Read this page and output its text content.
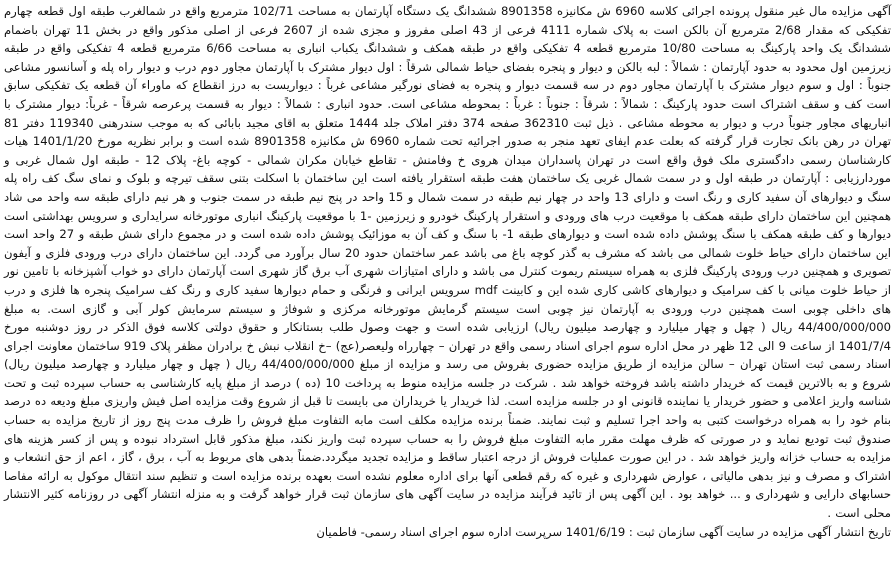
آگهی مزایده مال غیر منقول پرونده اجرائی کلاسه 6960 ش مکانیزه 8901358 ششدانگ یک دستگاه آپارتمان به مساحت 102/71 مترمربع واقع در شمالغرب طبقه اول قطعه چهارم تفکیکی که مقدار 2/68 مترمربع آن بالکن است به پلاک شماره 4111 فرعی از 43 اصلی مفروز و مجزی شده از 2607 فرعی از اصلی مذکور واقع در بخش 11 تهران باضمام ششدانگ یک واحد پارکینگ به مساحت 10/80 مترمربع قطعه 4 تفکیکی واقع در طبقه همکف و ششدانگ یکباب انباری به مساحت 6/66 مترمربع قطعه 4 تفکیکی واقع در طبقه زیرزمین اول محدود به حدود آپارتمان : شمالاً : لبه بالکن و دیوار و پنجره بفضای حیاط شمالی شرقاً : اول دیوار مشترک با آپارتمان مجاور دوم درب و دیوار راه پله و آسانسور مشاعی جنوباً : اول و سوم دیوار مشترک با آپارتمان مجاور دوم در سه قسمت دیوار و پنجره به فضای نورگیر مشاعی غرباً : دیواریست به درز انقطاع که ماوراء آن قطعه یک تفکیکی سابق است کف و سقف اشتراک است حدود پارکینگ : شمالاً : شرقاً : جنوباً : غرباً : بمحوطه مشاعی است. حدود انباری : شمالاً : دیوار به قسمت پرعرصه شرقاً - غرباً: دیوار مشترک با انباریهای مجاور جنوباً درب و دیوار به محوطه مشاعی . ذیل ثبت 362310 صفحه 374 دفتر املاک جلد 1444 متعلق به اقای مجید بابائی که به موجب سندرهنی 119340 دفتر 81 تهران در رهن بانک تجارت قرار گرفته که بعلت عدم ایفای تعهد منجر به صدور اجرائیه تحت شماره 6960 ش مکانیزه 8901358 شده است و برابر نظریه مورخ 1401/1/20 هیات کارشناسان رسمی دادگستری ملک فوق واقع است در تهران پاسداران میدان هروی خ وفامنش - تقاطع خیابان مکران شمالی - کوچه باغ- پلاک 12 - طبقه اول شمال غربی و موردارزیابی : آپارتمان در طبقه اول و در سمت شمال غربی یک ساختمان هفت طبقه استقرار یافته است این ساختمان با اسکلت بتنی سقف تیرچه و بلوک و نمای سگ کف راه پله سنگ و دیوارهای آن سفید کاری و رنگ است و دارای 13 واحد در چهار نیم طبقه در سمت شمال و 15 واحد در پنج نیم طبقه در سمت جنوب و هر نیم دارای طبقه سه واحد می شاد همچنین این ساختمان دارای طبقه همکف با موقعیت درب های ورودی و استقرار پارکینگ خودرو و زیرزمین -1 با موقعیت پارکینگ انباری موتورخانه سرایداری و سرویس بهداشتی است دیوارها و کف طبقه همکف با سنگ پوشش داده شده است و دیوارهای طبقه 1- با سنگ و کف آن به موزائیک پوشش داده شده است و در مجموع دارای شش طبقه و 27 واحد است این ساختمان دارای حیاط خلوت شمالی می باشد که مشرف به گذر کوچه باغ می باشد عمر ساختمان حدود 20 سال برآورد می گردد. این ساختمان دارای درب ورودی فلزی و آیفون تصویری و همچنین درب ورودی پارکینگ فلزی به همراه سیستم ریموت کنترل می باشد و دارای امتیازات شهری آب برق گاز شهری است آپارتمان دارای دو خواب آشپزخانه با تامین نور از حیاط خلوت میانی با کف سرامیک و دیوارهای کاشی کاری شده این و کابینت mdf سرویس ایرانی و فرنگی و حمام دیوارها سفید کاری و رنگ کف سرامیک پنجره ها فلزی و درب های داخلی چوبی است همچنین درب ورودی به آپارتمان نیز چوبی است سیستم گرمایش موتورخانه مرکزی و شوفاژ و سیستم سرمایش کولر آبی و گازی است. به مبلغ 44/400/000/000 ریال ( چهل و چهار میلیارد و چهارصد میلیون ریال) ارزیابی شده است و جهت وصول طلب بستانکار و حقوق دولتی کلاسه فوق الذکر در روز دوشنبه مورخ 1401/7/4 از ساعت 9 الی 12 ظهر در محل اداره سوم اجرای اسناد رسمی واقع در تهران – چهارراه ولیعصر(عج) –خ انقلاب نبش خ برادران مظفر پلاک 919 ساختمان معاونت اجرای اسناد رسمی ثبت استان تهران – سالن مزایده از طریق مزایده حضوری بفروش می رسد و مزایده از مبلغ 44/400/000/000 ریال ( چهل و چهار میلیارد و چهارصد میلیون ریال) شروع و به بالاترین قیمت که خریدار داشته باشد فروخته خواهد شد . شرکت در جلسه مزایده منوط به پرداخت 10 (ده ) درصد از مبلغ پایه کارشناسی به حساب سپرده ثبت و تحت شناسه واریز اعلامی و حضور خریدار یا نماینده قانونی او در جلسه مزایده است. لذا خریدار یا خریداران می بایست تا قبل از شروع وقت مزایده اصل فیش واریزی مبلغ ودیعه ده درصد بنام خود را به همراه درخواست کتبی به واحد اجرا تسلیم و ثبت نمایند. ضمناً برنده مزایده مکلف است مابه التفاوت مبلغ فروش را ظرف مدت پنج روز از تاریخ مزایده به حساب صندوق ثبت تودیع نماید و در صورتی که ظرف مهلت مقرر مابه التفاوت مبلغ فروش را به حساب سپرده ثبت واریز نکند، مبلغ مذکور قابل استرداد نبوده و پس از کسر هزینه های مزایده به حساب خزانه واریز خواهد شد . در این صورت عملیات فروش از درجه اعتبار ساقط و مزایده تجدید میگردد.ضمناً بدهی های مربوط به آب ، برق ، گاز ، اعم از حق انشعاب و اشتراک و مصرف و نیز بدهی مالیاتی ، عوارض شهرداری و غیره که رقم قطعی آنها برای اداره معلوم نشده است بعهده برنده مزایده است و تنظیم سند انتقال موکول به ارائه مفاصا حسابهای دارایی و شهرداری و ... خواهد بود . این آگهی پس از تائید فرآیند مزایده در سایت آگهی های سازمان ثبت قرار خواهد گرفت و به منزله انتشار آگهی در روزنامه کثیر الانتشار محلی است .

تاریخ انتشار آگهی مزایده در سایت آگهی سازمان ثبت : 1401/6/19 سرپرست اداره سوم اجرای اسناد رسمی- فاطمیان
